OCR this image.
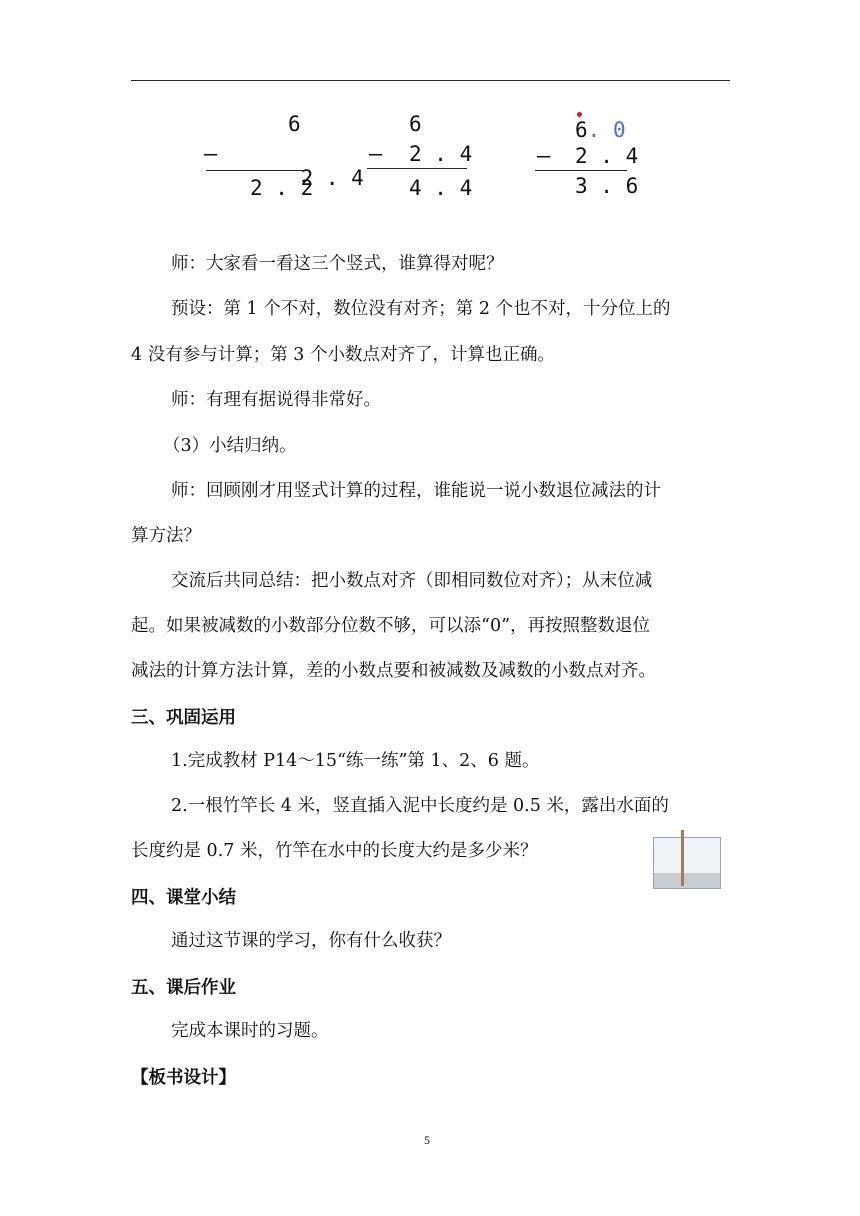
6
—

2 . 4

2 . 2
6
— 2 . 4
4 . 4
6. 0
— 2 . 4
3 . 6
师：大家看一看这三个竖式，谁算得对呢？
预设：第 1 个不对，数位没有对齐；第 2 个也不对，十分位上的
4 没有参与计算；第 3 个小数点对齐了，计算也正确。
师：有理有据说得非常好。
（3）小结归纳。
师：回顾刚才用竖式计算的过程，谁能说一说小数退位减法的计
算方法？
交流后共同总结：把小数点对齐（即相同数位对齐）；从末位减
起。如果被减数的小数部分位数不够，可以添“0”，再按照整数退位
减法的计算方法计算，差的小数点要和被减数及减数的小数点对齐。
三、巩固运用
1.完成教材 P14～15“练一练”第 1、2、6 题。
2.一根竹竿长 4 米，竖直插入泥中长度约是 0.5 米，露出水面的
长度约是 0.7 米，竹竿在水中的长度大约是多少米？
四、课堂小结
通过这节课的学习，你有什么收获？
五、课后作业
完成本课时的习题。
【板书设计】
5
